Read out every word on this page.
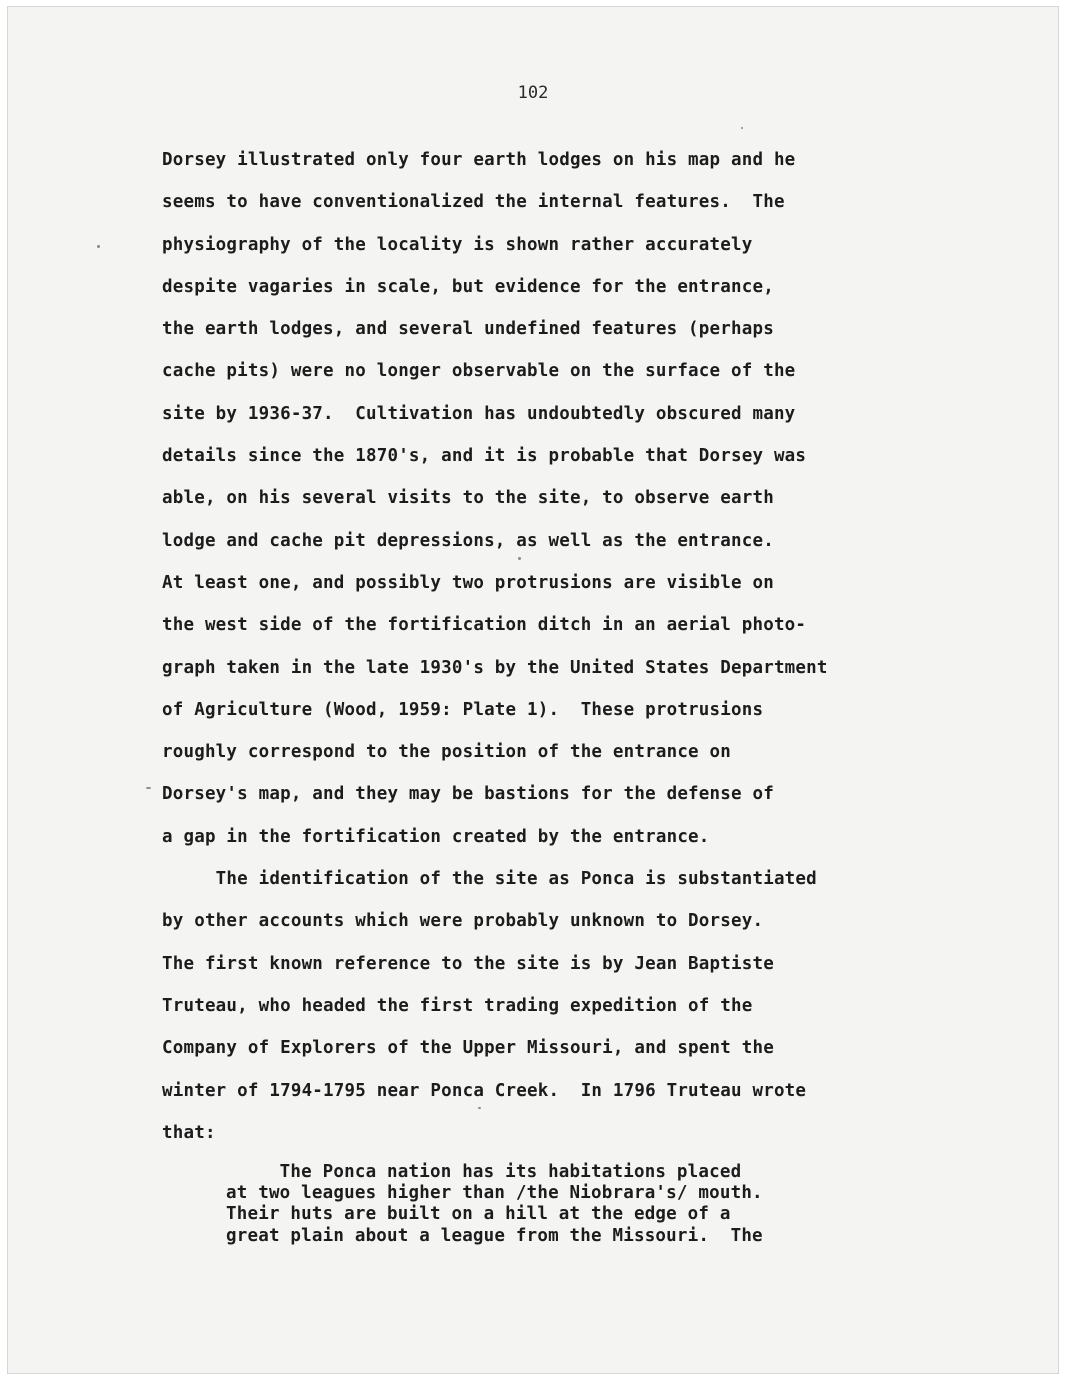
102
Dorsey illustrated only four earth lodges on his map and he
seems to have conventionalized the internal features.  The
physiography of the locality is shown rather accurately
despite vagaries in scale, but evidence for the entrance,
the earth lodges, and several undefined features (perhaps
cache pits) were no longer observable on the surface of the
site by 1936-37.  Cultivation has undoubtedly obscured many
details since the 1870's, and it is probable that Dorsey was
able, on his several visits to the site, to observe earth
lodge and cache pit depressions, as well as the entrance.
At least one, and possibly two protrusions are visible on
the west side of the fortification ditch in an aerial photo-
graph taken in the late 1930's by the United States Department
of Agriculture (Wood, 1959: Plate 1).  These protrusions
roughly correspond to the position of the entrance on
Dorsey's map, and they may be bastions for the defense of
a gap in the fortification created by the entrance.
The identification of the site as Ponca is substantiated
by other accounts which were probably unknown to Dorsey.
The first known reference to the site is by Jean Baptiste
Truteau, who headed the first trading expedition of the
Company of Explorers of the Upper Missouri, and spent the
winter of 1794-1795 near Ponca Creek.  In 1796 Truteau wrote
that:
The Ponca nation has its habitations placed
at two leagues higher than /the Niobrara's/ mouth.
Their huts are built on a hill at the edge of a
great plain about a league from the Missouri.  The
